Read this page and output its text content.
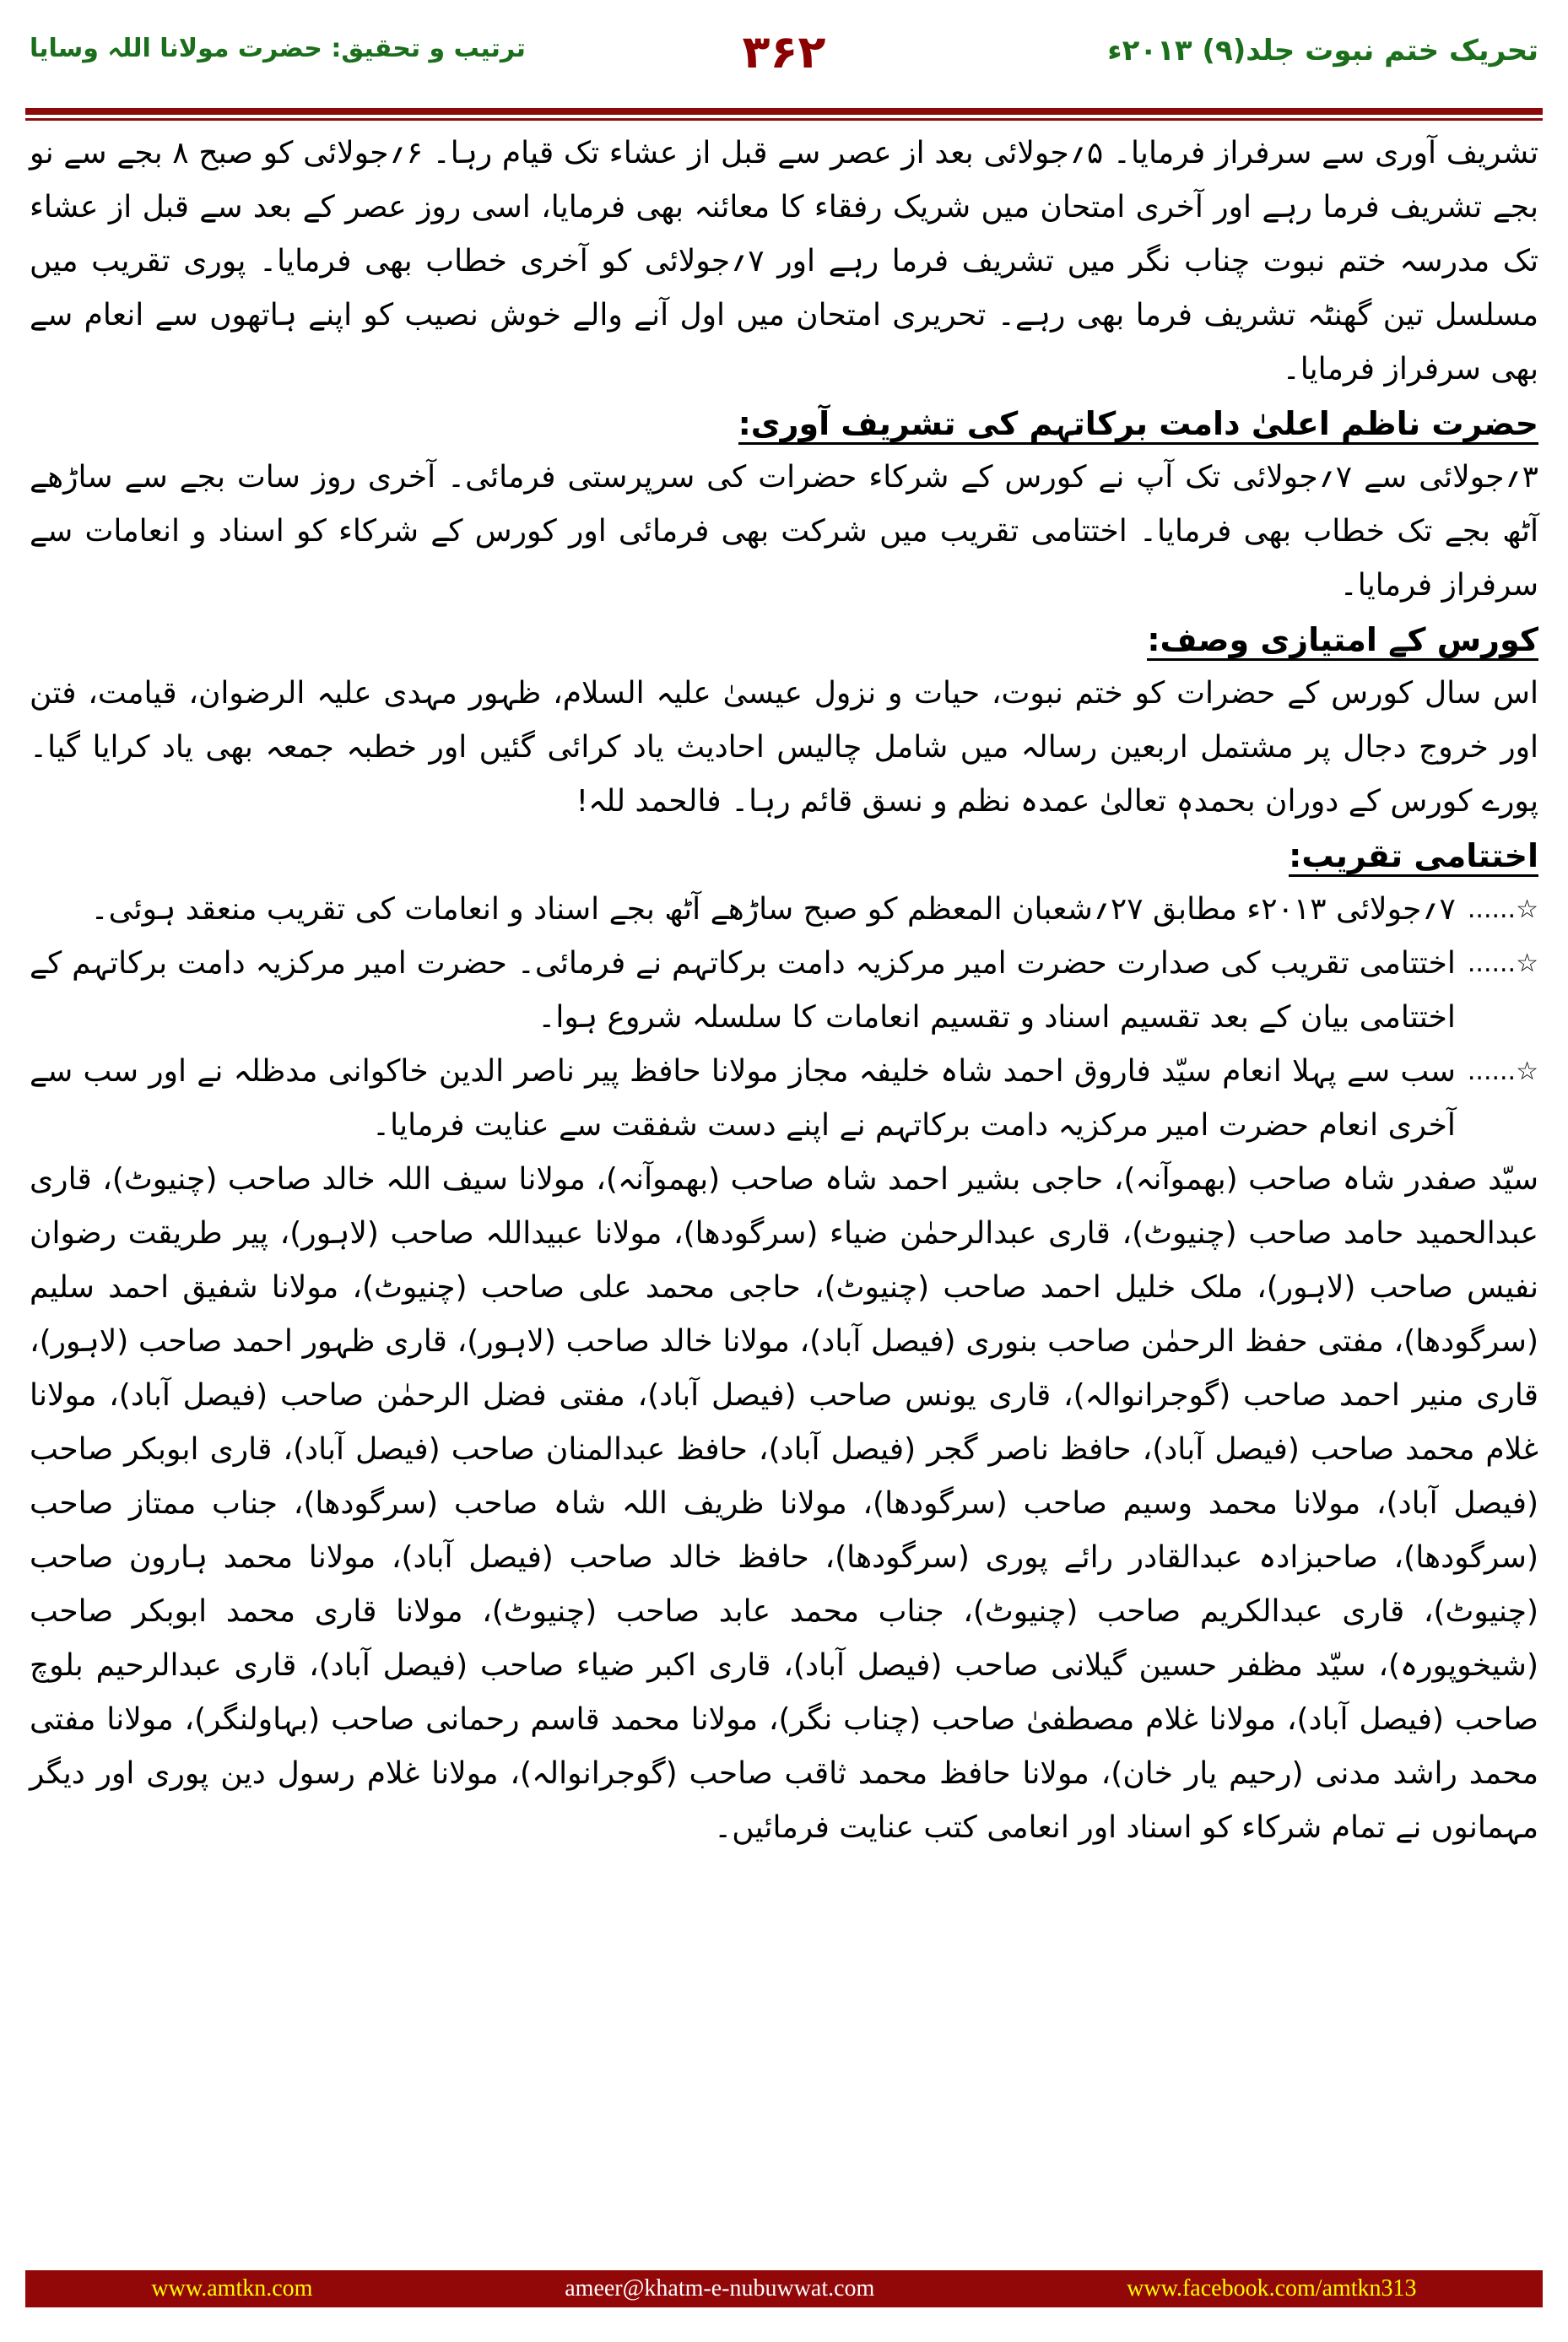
تحریک ختم نبوت جلد(۹) ۲۰۱۳ء
۳۶۲
ترتیب و تحقیق: حضرت مولانا اللہ وسایا

تشریف آوری سے سرفراز فرمایا۔ ۵؍جولائی بعد از عصر سے قبل از عشاء تک قیام رہا۔ ۶؍جولائی کو صبح ۸ بجے سے نو بجے تشریف فرما رہے اور آخری امتحان میں شریک رفقاء کا معائنہ بھی فرمایا، اسی روز عصر کے بعد سے قبل از عشاء تک مدرسہ ختم نبوت چناب نگر میں تشریف فرما رہے اور ۷؍جولائی کو آخری خطاب بھی فرمایا۔ پوری تقریب میں مسلسل تین گھنٹہ تشریف فرما بھی رہے۔ تحریری امتحان میں اول آنے والے خوش نصیب کو اپنے ہاتھوں سے انعام سے بھی سرفراز فرمایا۔

حضرت ناظم اعلیٰ دامت برکاتہم کی تشریف آوری:

۳؍جولائی سے ۷؍جولائی تک آپ نے کورس کے شرکاء حضرات کی سرپرستی فرمائی۔ آخری روز سات بجے سے ساڑھے آٹھ بجے تک خطاب بھی فرمایا۔ اختتامی تقریب میں شرکت بھی فرمائی اور کورس کے شرکاء کو اسناد و انعامات سے سرفراز فرمایا۔

کورس کے امتیازی وصف:

اس سال کورس کے حضرات کو ختم نبوت، حیات و نزول عیسیٰ علیہ السلام، ظہور مہدی علیہ الرضوان، قیامت، فتن اور خروج دجال پر مشتمل اربعین رسالہ میں شامل چالیس احادیث یاد کرائی گئیں اور خطبہ جمعہ بھی یاد کرایا گیا۔ پورے کورس کے دوران بحمدہٖ تعالیٰ عمدہ نظم و نسق قائم رہا۔ فالحمد للہ!

اختتامی تقریب:
☆......
۷؍جولائی ۲۰۱۳ء مطابق ۲۷؍شعبان المعظم کو صبح ساڑھے آٹھ بجے اسناد و انعامات کی تقریب منعقد ہوئی۔
☆......
اختتامی تقریب کی صدارت حضرت امیر مرکزیہ دامت برکاتہم نے فرمائی۔ حضرت امیر مرکزیہ دامت برکاتہم کے اختتامی بیان کے بعد تقسیم اسناد و تقسیم انعامات کا سلسلہ شروع ہوا۔
☆......
سب سے پہلا انعام سیّد فاروق احمد شاہ خلیفہ مجاز مولانا حافظ پیر ناصر الدین خاکوانی مدظلہ نے اور سب سے آخری انعام حضرت امیر مرکزیہ دامت برکاتہم نے اپنے دست شفقت سے عنایت فرمایا۔

سیّد صفدر شاہ صاحب (بھموآنہ)، حاجی بشیر احمد شاہ صاحب (بھموآنہ)، مولانا سیف اللہ خالد صاحب (چنیوٹ)، قاری عبدالحمید حامد صاحب (چنیوٹ)، قاری عبدالرحمٰن ضیاء (سرگودھا)، مولانا عبیداللہ صاحب (لاہور)، پیر طریقت رضوان نفیس صاحب (لاہور)، ملک خلیل احمد صاحب (چنیوٹ)، حاجی محمد علی صاحب (چنیوٹ)، مولانا شفیق احمد سلیم (سرگودھا)، مفتی حفظ الرحمٰن صاحب بنوری (فیصل آباد)، مولانا خالد صاحب (لاہور)، قاری ظہور احمد صاحب (لاہور)، قاری منیر احمد صاحب (گوجرانوالہ)، قاری یونس صاحب (فیصل آباد)، مفتی فضل الرحمٰن صاحب (فیصل آباد)، مولانا غلام محمد صاحب (فیصل آباد)، حافظ ناصر گجر (فیصل آباد)، حافظ عبدالمنان صاحب (فیصل آباد)، قاری ابوبکر صاحب (فیصل آباد)، مولانا محمد وسیم صاحب (سرگودھا)، مولانا ظریف اللہ شاہ صاحب (سرگودھا)، جناب ممتاز صاحب (سرگودھا)، صاحبزادہ عبدالقادر رائے پوری (سرگودھا)، حافظ خالد صاحب (فیصل آباد)، مولانا محمد ہارون صاحب (چنیوٹ)، قاری عبدالکریم صاحب (چنیوٹ)، جناب محمد عابد صاحب (چنیوٹ)، مولانا قاری محمد ابوبکر صاحب (شیخوپورہ)، سیّد مظفر حسین گیلانی صاحب (فیصل آباد)، قاری اکبر ضیاء صاحب (فیصل آباد)، قاری عبدالرحیم بلوچ صاحب (فیصل آباد)، مولانا غلام مصطفیٰ صاحب (چناب نگر)، مولانا محمد قاسم رحمانی صاحب (بہاولنگر)، مولانا مفتی محمد راشد مدنی (رحیم یار خان)، مولانا حافظ محمد ثاقب صاحب (گوجرانوالہ)، مولانا غلام رسول دین پوری اور دیگر مہمانوں نے تمام شرکاء کو اسناد اور انعامی کتب عنایت فرمائیں۔

www.amtkn.com	ameer@khatm-e-nubuwwat.com	www.facebook.com/amtkn313
